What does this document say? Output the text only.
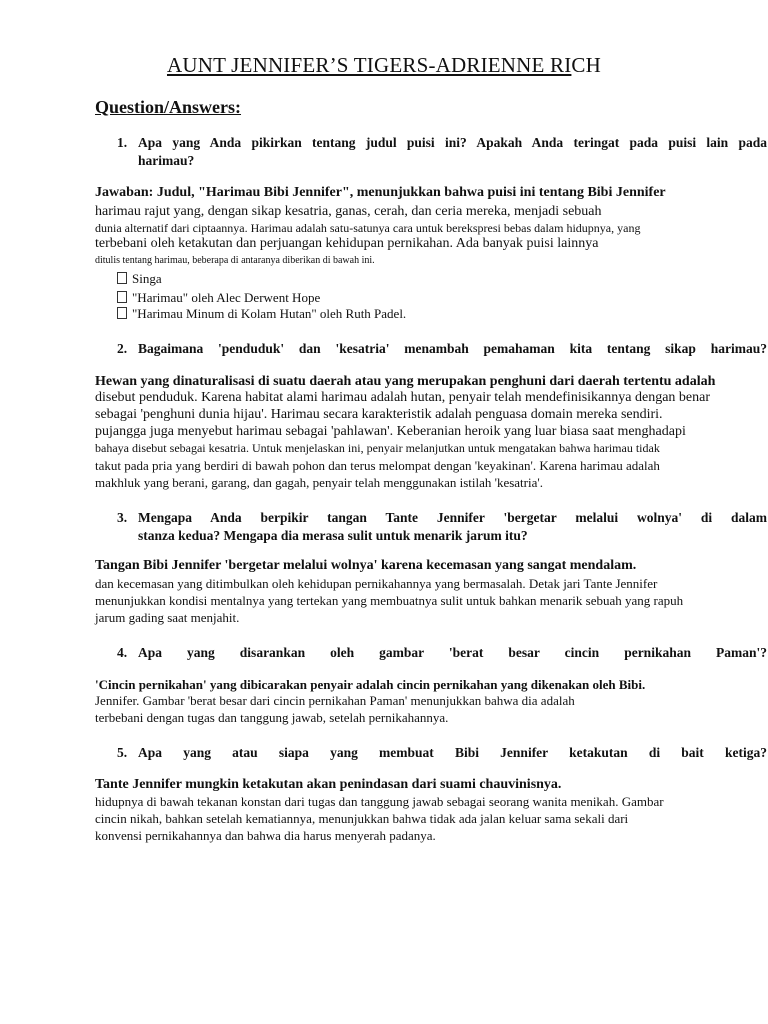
AUNT JENNIFER’S TIGERS-ADRIENNE RICH
Question/Answers:
1. Apa yang Anda pikirkan tentang judul puisi ini? Apakah Anda teringat pada puisi lain pada
harimau?
Jawaban: Judul, "Harimau Bibi Jennifer", menunjukkan bahwa puisi ini tentang Bibi Jennifer
harimau rajut yang, dengan sikap kesatria, ganas, cerah, dan ceria mereka, menjadi sebuah
dunia alternatif dari ciptaannya. Harimau adalah satu-satunya cara untuk berekspresi bebas dalam hidupnya, yang
terbebani oleh ketakutan dan perjuangan kehidupan pernikahan. Ada banyak puisi lainnya
ditulis tentang harimau, beberapa di antaranya diberikan di bawah ini.
Singa
"Harimau" oleh Alec Derwent Hope
"Harimau Minum di Kolam Hutan" oleh Ruth Padel.
2. Bagaimana 'penduduk' dan 'kesatria' menambah pemahaman kita tentang sikap harimau?
Hewan yang dinaturalisasi di suatu daerah atau yang merupakan penghuni dari daerah tertentu adalah
disebut penduduk. Karena habitat alami harimau adalah hutan, penyair telah mendefinisikannya dengan benar
sebagai 'penghuni dunia hijau'. Harimau secara karakteristik adalah penguasa domain mereka sendiri.
pujangga juga menyebut harimau sebagai 'pahlawan'. Keberanian heroik yang luar biasa saat menghadapi
bahaya disebut sebagai kesatria. Untuk menjelaskan ini, penyair melanjutkan untuk mengatakan bahwa harimau tidak
takut pada pria yang berdiri di bawah pohon dan terus melompat dengan 'keyakinan'. Karena harimau adalah
makhluk yang berani, garang, dan gagah, penyair telah menggunakan istilah 'kesatria'.
3. Mengapa Anda berpikir tangan Tante Jennifer 'bergetar melalui wolnya' di dalam
stanza kedua? Mengapa dia merasa sulit untuk menarik jarum itu?
Tangan Bibi Jennifer 'bergetar melalui wolnya' karena kecemasan yang sangat mendalam.
dan kecemasan yang ditimbulkan oleh kehidupan pernikahannya yang bermasalah. Detak jari Tante Jennifer
menunjukkan kondisi mentalnya yang tertekan yang membuatnya sulit untuk bahkan menarik sebuah yang rapuh
jarum gading saat menjahit.
4. Apa yang disarankan oleh gambar 'berat besar cincin pernikahan Paman'?
'Cincin pernikahan' yang dibicarakan penyair adalah cincin pernikahan yang dikenakan oleh Bibi.
Jennifer. Gambar 'berat besar dari cincin pernikahan Paman' menunjukkan bahwa dia adalah
terbebani dengan tugas dan tanggung jawab, setelah pernikahannya.
5. Apa yang atau siapa yang membuat Bibi Jennifer ketakutan di bait ketiga?
Tante Jennifer mungkin ketakutan akan penindasan dari suami chauvinisnya.
hidupnya di bawah tekanan konstan dari tugas dan tanggung jawab sebagai seorang wanita menikah. Gambar
cincin nikah, bahkan setelah kematiannya, menunjukkan bahwa tidak ada jalan keluar sama sekali dari
konvensi pernikahannya dan bahwa dia harus menyerah padanya.
